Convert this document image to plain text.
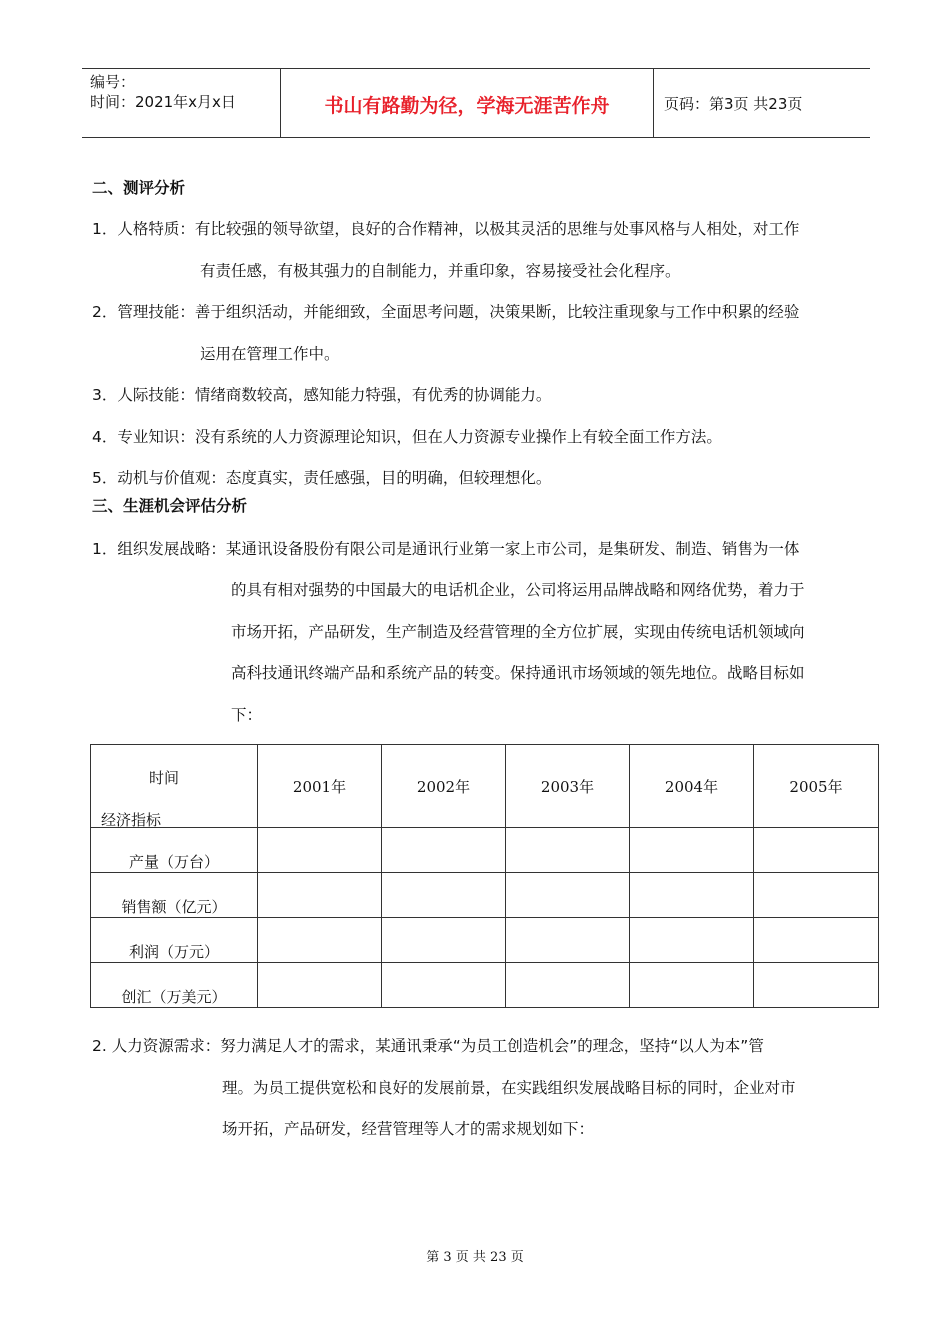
编号：
时间：2021年x月x日	书山有路勤为径，学海无涯苦作舟	页码：第3页 共23页
二、测评分析
1．人格特质：有比较强的领导欲望，良好的合作精神，以极其灵活的思维与处事风格与人相处，对工作
有责任感，有极其强力的自制能力，并重印象，容易接受社会化程序。
2．管理技能：善于组织活动，并能细致，全面思考问题，决策果断，比较注重现象与工作中积累的经验
运用在管理工作中。
3．人际技能：情绪商数较高，感知能力特强，有优秀的协调能力。
4．专业知识：没有系统的人力资源理论知识，但在人力资源专业操作上有较全面工作方法。
5．动机与价值观：态度真实，责任感强，目的明确，但较理想化。
三、生涯机会评估分析
1．组织发展战略：某通讯设备股份有限公司是通讯行业第一家上市公司，是集研发、制造、销售为一体
的具有相对强势的中国最大的电话机企业，公司将运用品牌战略和网络优势，着力于
市场开拓，产品研发，生产制造及经营管理的全方位扩展，实现由传统电话机领域向
高科技通讯终端产品和系统产品的转变。保持通讯市场领域的领先地位。战略目标如
下：
时间
经济指标	2001年	2002年	2003年	2004年	2005年

产量（万台）					

销售额（亿元）					

利润（万元）					

创汇（万美元）					

2. 人力资源需求：努力满足人才的需求，某通讯秉承“为员工创造机会”的理念，坚持“以人为本”管
理。为员工提供宽松和良好的发展前景，在实践组织发展战略目标的同时，企业对市
场开拓，产品研发，经营管理等人才的需求规划如下：
第 3 页 共 23 页
